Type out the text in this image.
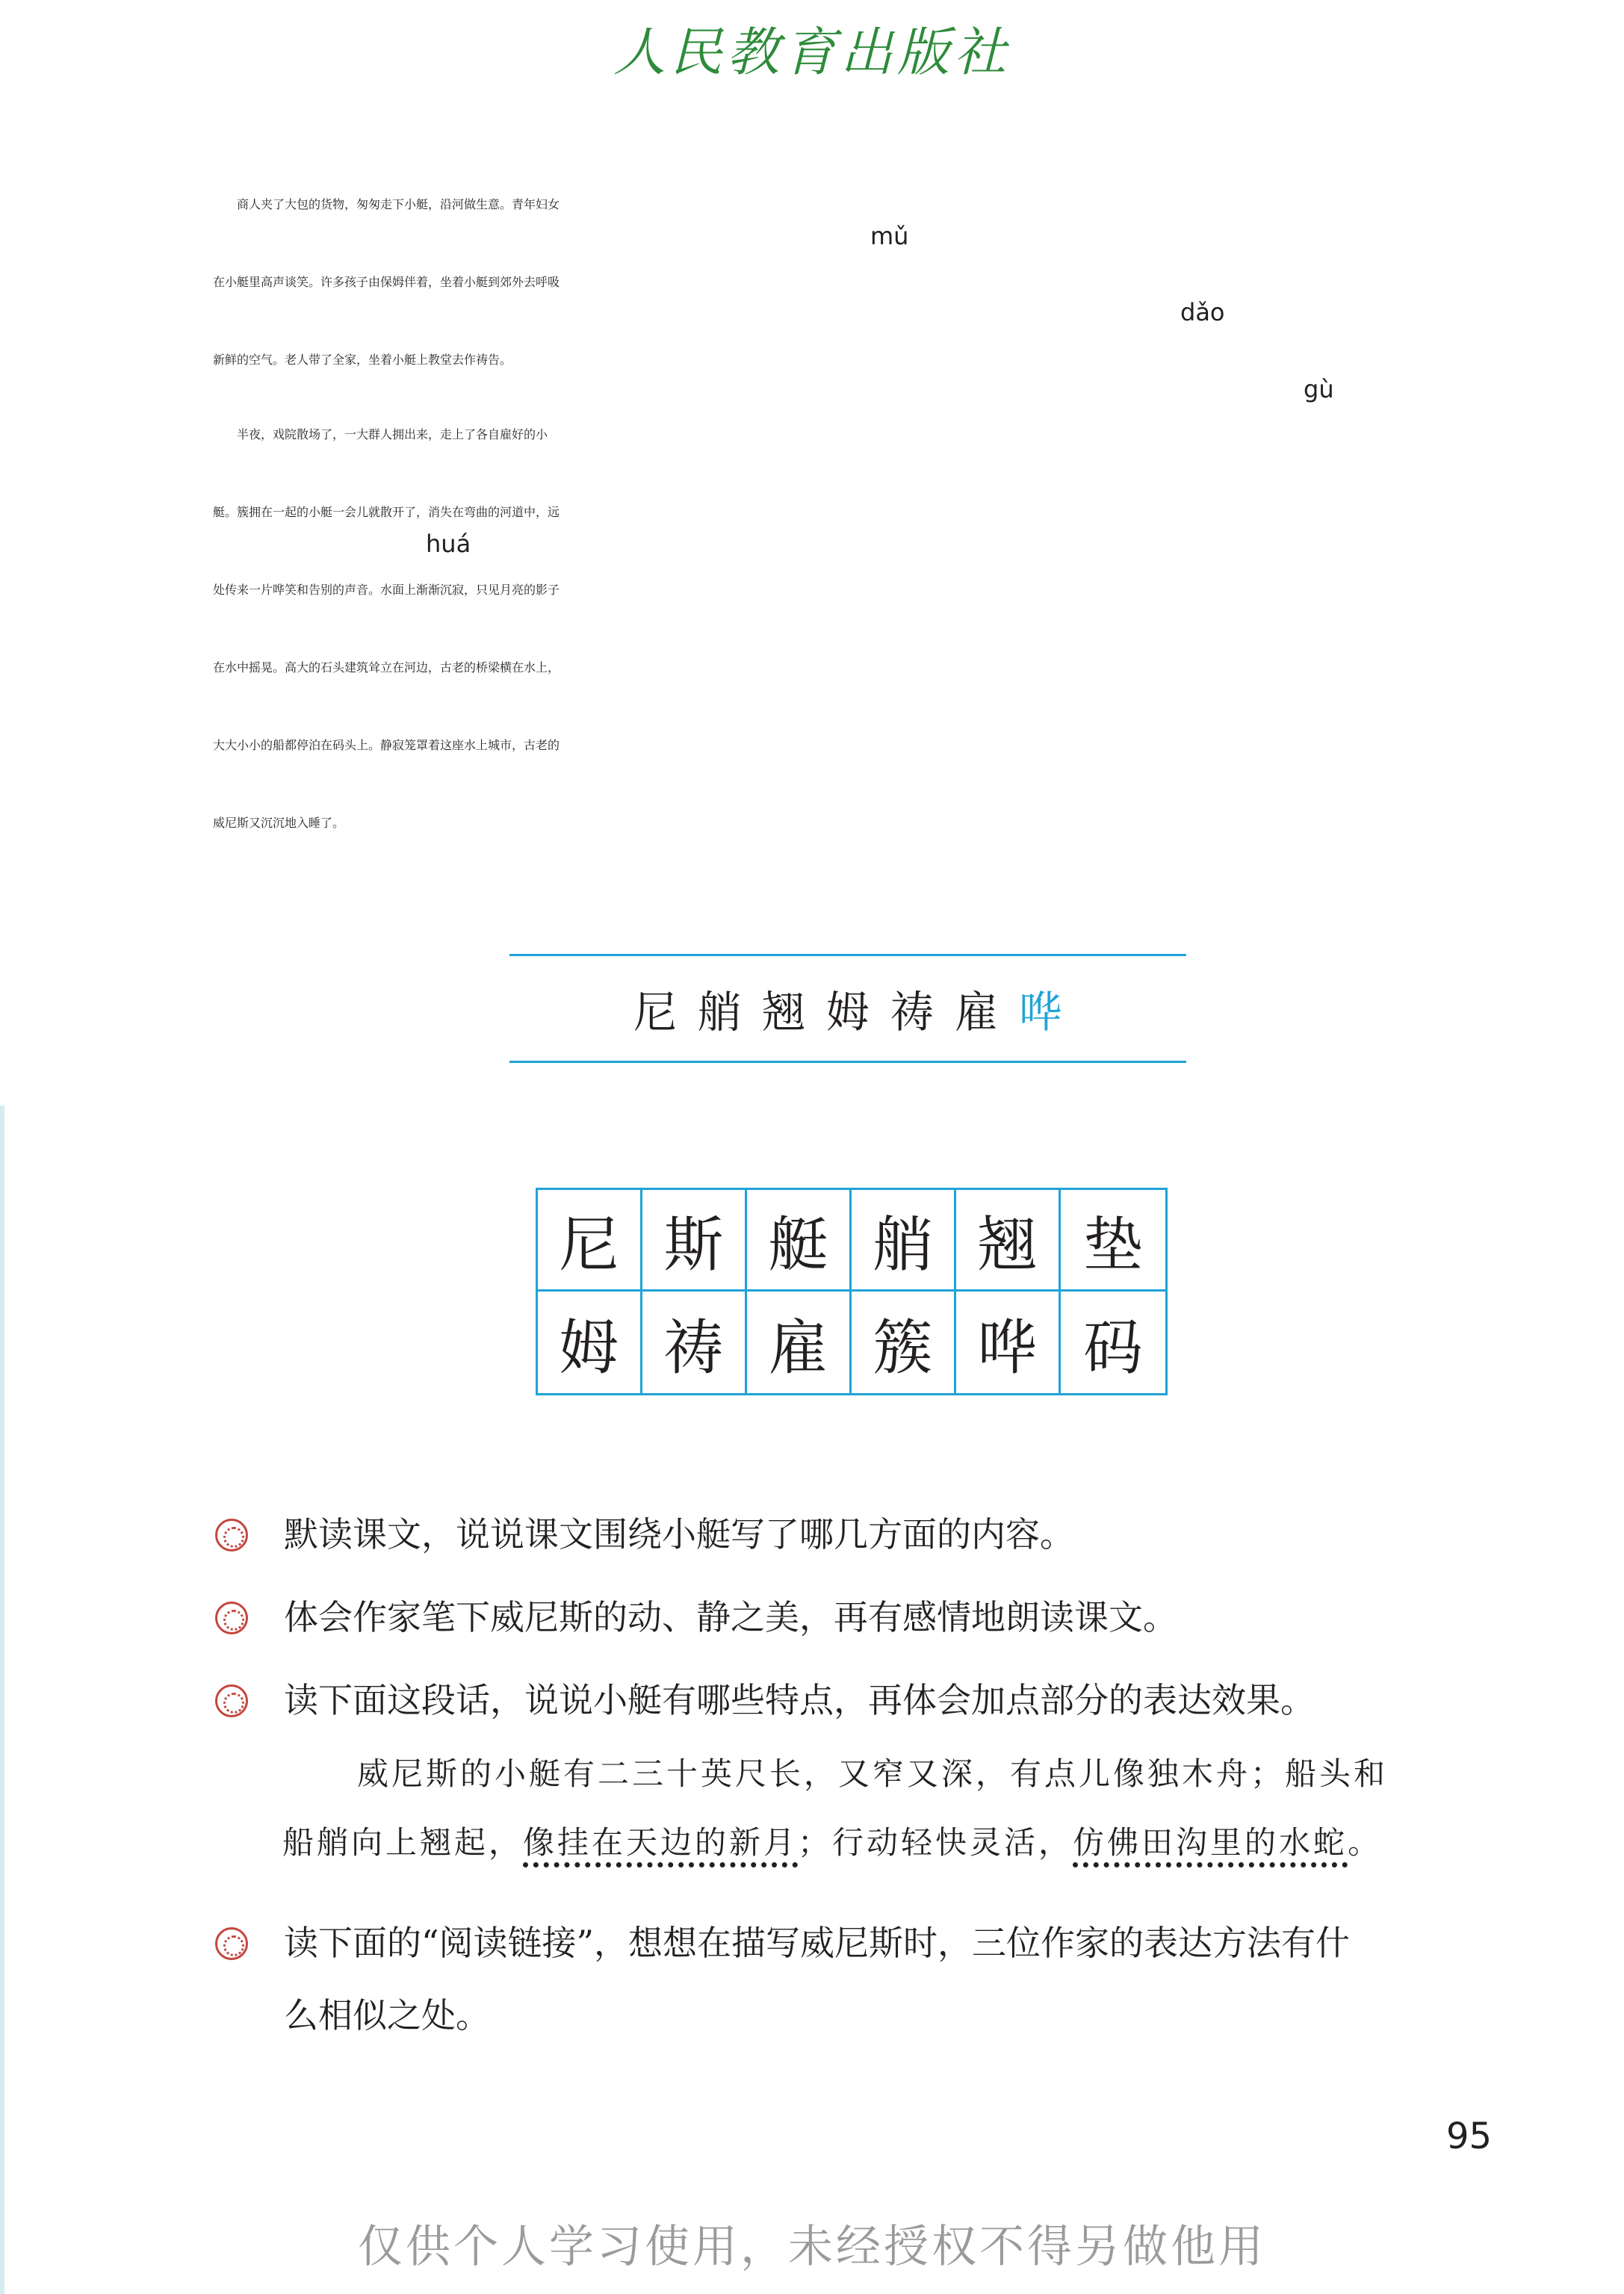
人民教育出版社
　　商人夹了大包的货物，匆匆走下小艇，沿河做生意。青年妇女
在小艇里高声谈笑。许多孩子由保姆伴着，坐着小艇到郊外去呼吸
新鲜的空气。老人带了全家，坐着小艇上教堂去作祷告。
mǔ
dǎo
　　半夜，戏院散场了，一大群人拥出来，走上了各自雇好的小
艇。簇拥在一起的小艇一会儿就散开了，消失在弯曲的河道中，远
处传来一片哗笑和告别的声音。水面上渐渐沉寂，只见月亮的影子
在水中摇晃。高大的石头建筑耸立在河边，古老的桥梁横在水上，
大大小小的船都停泊在码头上。静寂笼罩着这座水上城市，古老的
威尼斯又沉沉地入睡了。
gù
huá
尼 艄 翘 姆 祷 雇 哗
尼 斯 艇 艄 翘 垫
姆 祷 雇 簇 哗 码
默读课文，说说课文围绕小艇写了哪几方面的内容。
体会作家笔下威尼斯的动、静之美，再有感情地朗读课文。
读下面这段话，说说小艇有哪些特点，再体会加点部分的表达效果。
威尼斯的小艇有二三十英尺长，又窄又深，有点儿像独木舟；船头和
船艄向上翘起，像挂在天边的新月；行动轻快灵活，仿佛田沟里的水蛇。
读下面的“阅读链接”，想想在描写威尼斯时，三位作家的表达方法有什
么相似之处。
95
仅供个人学习使用，未经授权不得另做他用
